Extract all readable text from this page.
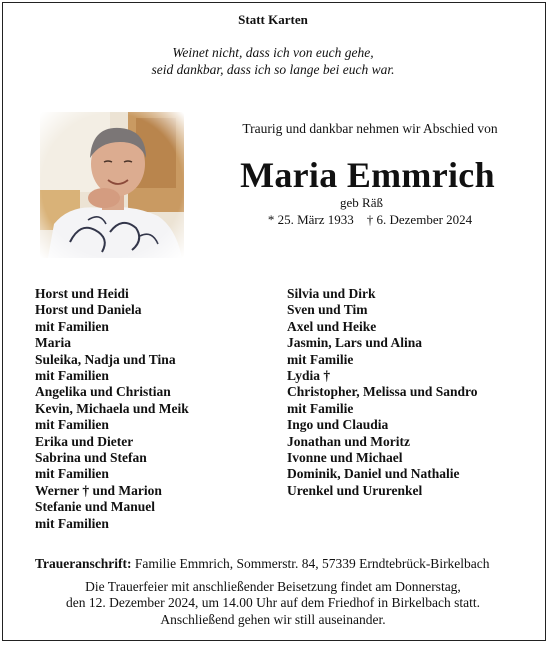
Statt Karten
Weinet nicht, dass ich von euch gehe,
seid dankbar, dass ich so lange bei euch war.
Traurig und dankbar nehmen wir Abschied von
Maria Emmrich
geb Räß
* 25. März 1933    † 6. Dezember 2024
Horst und Heidi
Horst und Daniela
mit Familien
Maria
Suleika, Nadja und Tina
mit Familien
Angelika und Christian
Kevin, Michaela und Meik
mit Familien
Erika und Dieter
Sabrina und Stefan
mit Familien
Werner † und Marion
Stefanie und Manuel
mit Familien
Silvia und Dirk
Sven und Tim
Axel und Heike
Jasmin, Lars und Alina
mit Familie
Lydia †
Christopher, Melissa und Sandro
mit Familie
Ingo und Claudia
Jonathan und Moritz
Ivonne und Michael
Dominik, Daniel und Nathalie
Urenkel und Ururenkel
Traueranschrift: Familie Emmrich, Sommerstr. 84, 57339 Erndtebrück-Birkelbach
Die Trauerfeier mit anschließender Beisetzung findet am Donnerstag,
den 12. Dezember 2024, um 14.00 Uhr auf dem Friedhof in Birkelbach statt.
Anschließend gehen wir still auseinander.
